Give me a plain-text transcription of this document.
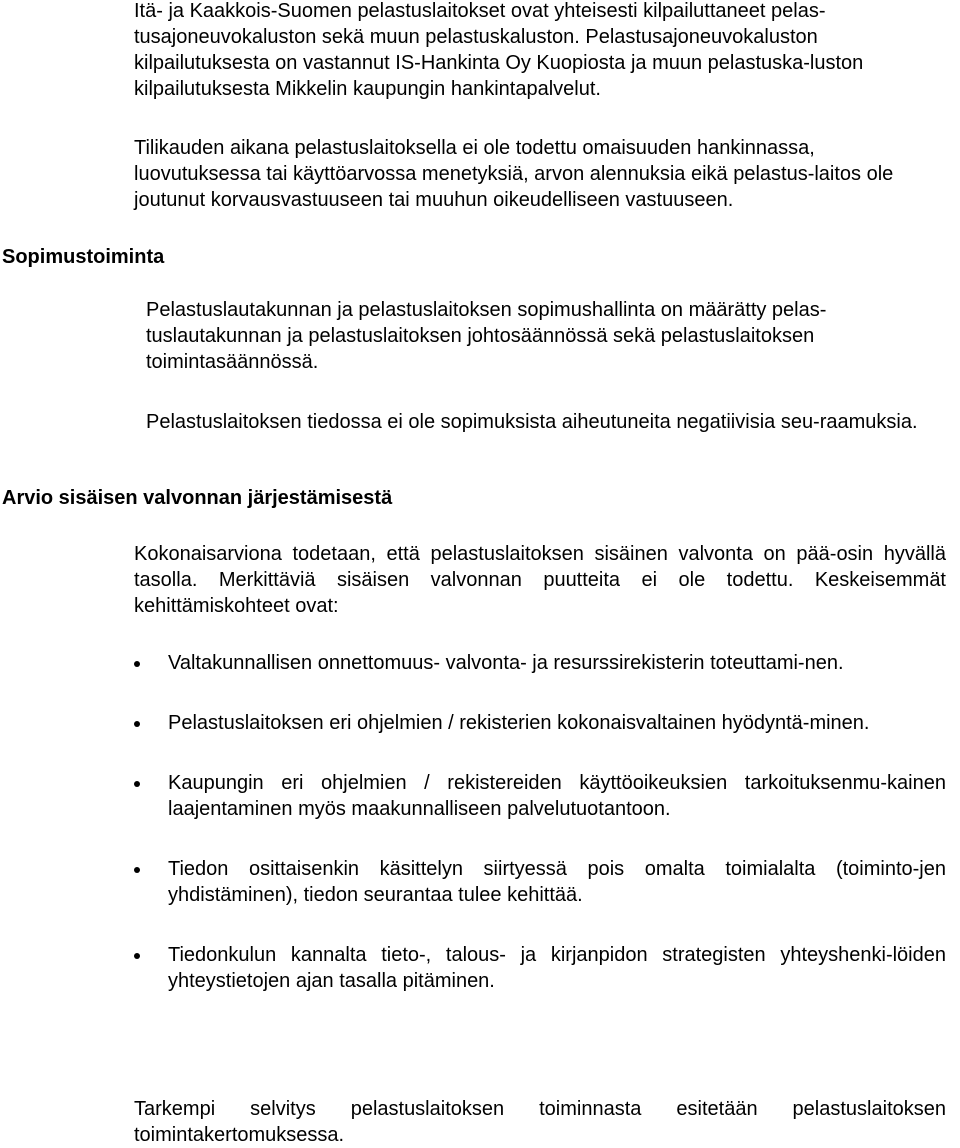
Itä- ja Kaakkois-Suomen pelastuslaitokset ovat yhteisesti kilpailuttaneet pelas-tusajoneuvokaluston sekä muun pelastuskaluston. Pelastusajoneuvokaluston kilpailutuksesta on vastannut IS-Hankinta Oy Kuopiosta ja muun pelastuska-luston kilpailutuksesta Mikkelin kaupungin hankintapalvelut.

Tilikauden aikana pelastuslaitoksella ei ole todettu omaisuuden hankinnassa, luovutuksessa tai käyttöarvossa menetyksiä, arvon alennuksia eikä pelastus-laitos ole joutunut korvausvastuuseen tai muuhun oikeudelliseen vastuuseen.

Sopimustoiminta

Pelastuslautakunnan ja pelastuslaitoksen sopimushallinta on määrätty pelas-tuslautakunnan ja pelastuslaitoksen johtosäännössä sekä pelastuslaitoksen toimintasäännössä.

Pelastuslaitoksen tiedossa ei ole sopimuksista aiheutuneita negatiivisia seu-raamuksia.

Arvio sisäisen valvonnan järjestämisestä

Kokonaisarviona todetaan, että pelastuslaitoksen sisäinen valvonta on pää-osin hyvällä tasolla. Merkittäviä sisäisen valvonnan puutteita ei ole todettu. Keskeisemmät kehittämiskohteet ovat:

Valtakunnallisen onnettomuus- valvonta- ja resurssirekisterin toteuttami-nen.
Pelastuslaitoksen eri ohjelmien / rekisterien kokonaisvaltainen hyödyntä-minen.
Kaupungin eri ohjelmien / rekistereiden käyttöoikeuksien tarkoituksenmu-kainen laajentaminen myös maakunnalliseen palvelutuotantoon.
Tiedon osittaisenkin käsittelyn siirtyessä pois omalta toimialalta (toiminto-jen yhdistäminen), tiedon seurantaa tulee kehittää.
Tiedonkulun kannalta tieto-, talous- ja kirjanpidon strategisten yhteyshenki-löiden yhteystietojen ajan tasalla pitäminen.

Tarkempi selvitys pelastuslaitoksen toiminnasta esitetään pelastuslaitoksen toimintakertomuksessa.
